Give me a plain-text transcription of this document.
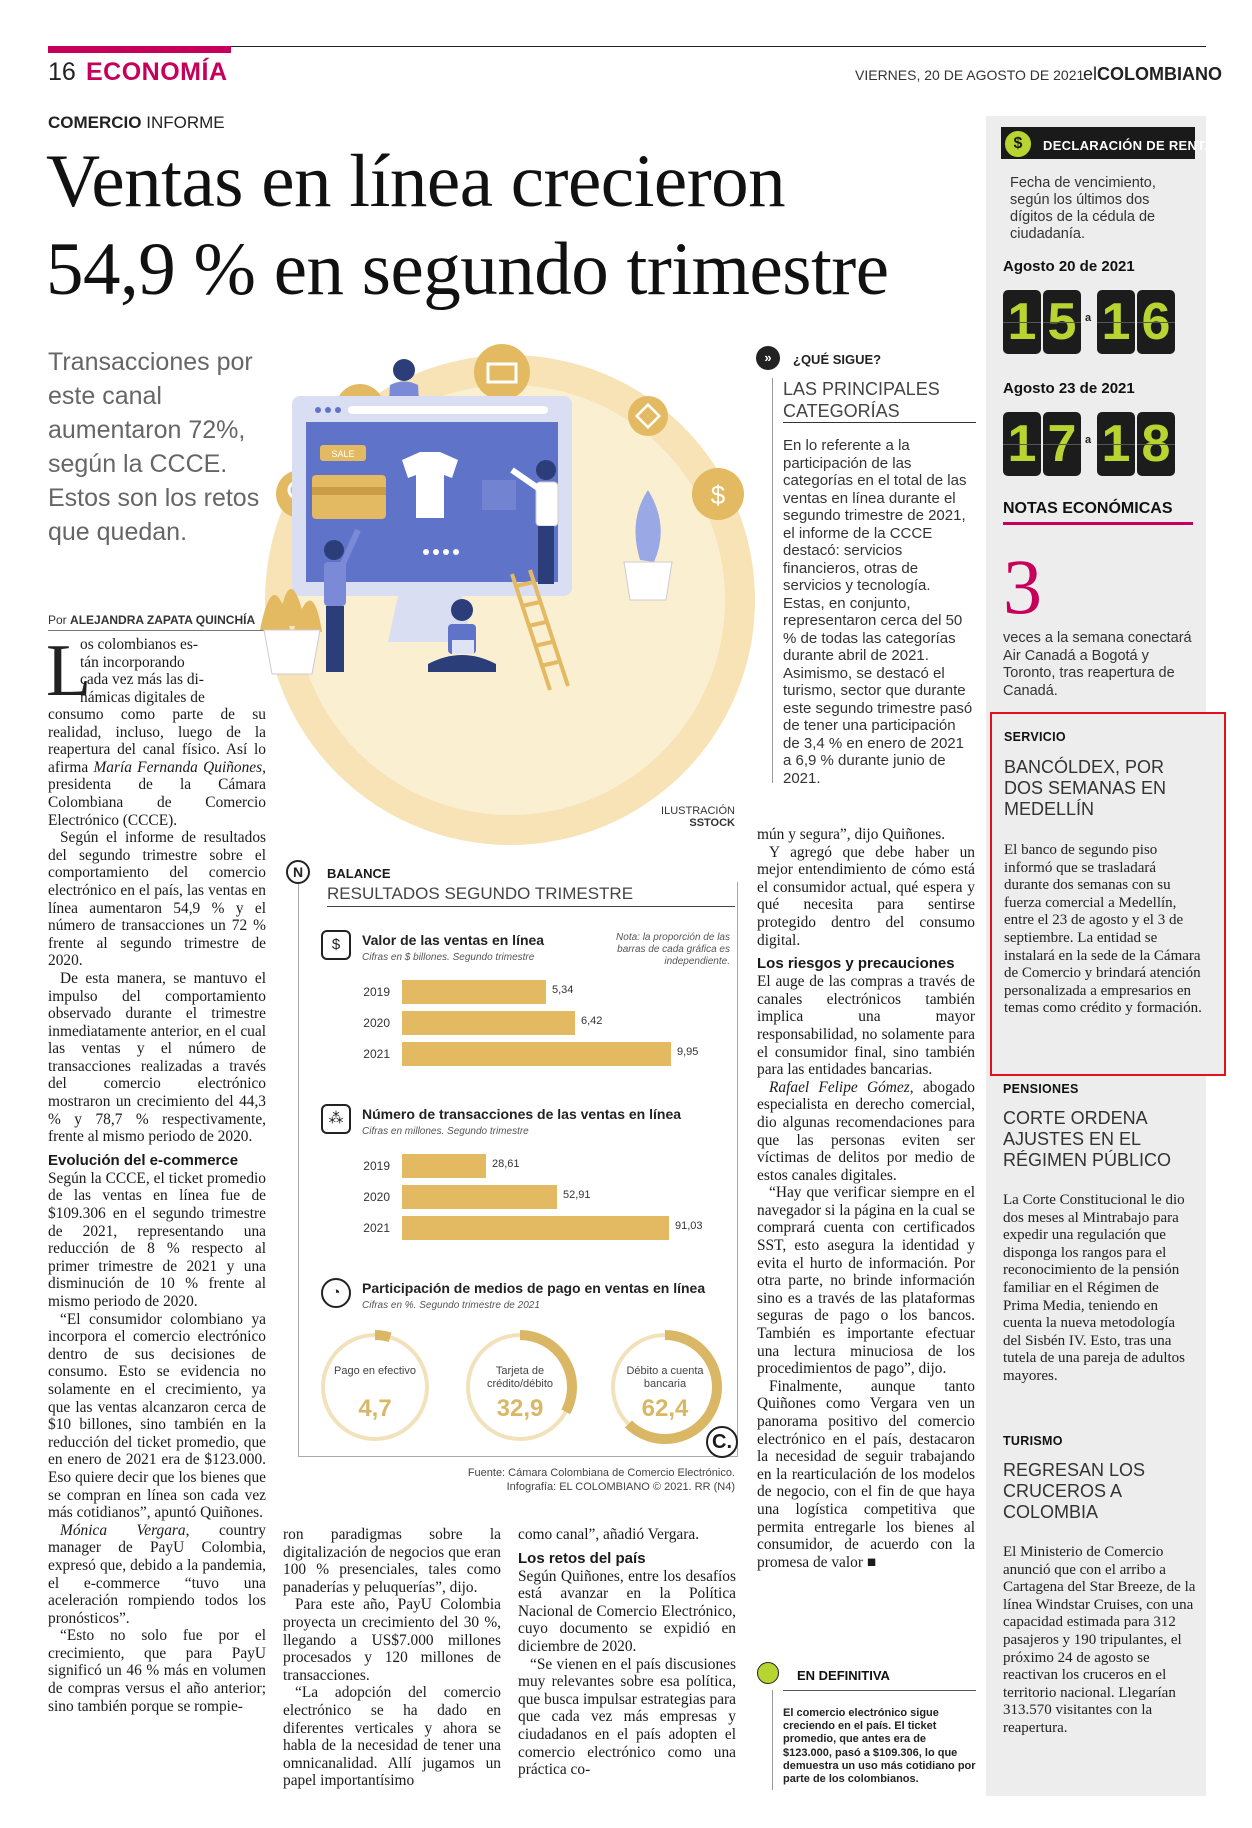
16 ECONOMÍA	VIERNES, 20 DE AGOSTO DE 2021
elCOLOMBIANO
COMERCIO INFORME
Ventas en línea crecieron
54,9 % en segundo trimestre
Transacciones por este canal aumentaron 72%, según la CCCE. Estos son los retos que quedan.
Por ALEJANDRA ZAPATA QUINCHÍA
$
SALE
ILUSTRACIÓN
SSTOCK
L
os colombianos es-
tán incorporando
cada vez más las di-
námicas digitales de

consumo como parte de su realidad, incluso, luego de la reapertura del canal físico. Así lo afirma María Fernanda Quiñones, presidenta de la Cámara Colombiana de Comercio Electrónico (CCCE).

Según el informe de resultados del segundo trimestre sobre el comportamiento del comercio electrónico en el país, las ventas en línea aumentaron 54,9 % y el número de transacciones un 72 % frente al segundo trimestre de 2020.

De esta manera, se mantuvo el impulso del comportamiento observado durante el trimestre inmediatamente anterior, en el cual las ventas y el número de transacciones realizadas a través del comercio electrónico mostraron un crecimiento del 44,3 % y 78,7 % respectivamente, frente al mismo periodo de 2020.

Evolución del e-commerce

Según la CCCE, el ticket promedio de las ventas en línea fue de $109.306 en el segundo trimestre de 2021, representando una reducción de 8 % respecto al primer trimestre de 2021 y una disminución de 10 % frente al mismo periodo de 2020.

“El consumidor colombiano ya incorpora el comercio electrónico dentro de sus decisiones de consumo. Esto se evidencia no solamente en el crecimiento, ya que las ventas alcanzaron cerca de $10 billones, sino también en la reducción del ticket promedio, que en enero de 2021 era de $123.000. Eso quiere decir que los bienes que se compran en línea son cada vez más cotidianos”, apuntó Quiñones.

Mónica Vergara, country manager de PayU Colombia, expresó que, debido a la pandemia, el e-commerce “tuvo una aceleración rompiendo todos los pronósticos”.

“Esto no solo fue por el crecimiento, que para PayU significó un 46 % más en volumen de compras versus el año anterior; sino también porque se rompie-

ron paradigmas sobre la digitalización de negocios que eran 100 % presenciales, tales como panaderías y peluquerías”, dijo.

Para este año, PayU Colombia proyecta un crecimiento del 30 %, llegando a US$7.000 millones procesados y 120 millones de transacciones.

“La adopción del comercio electrónico se ha dado en diferentes verticales y ahora se habla de la necesidad de tener una omnicanalidad. Allí jugamos un papel importantísimo

como canal”, añadió Vergara.

Los retos del país

Según Quiñones, entre los desafíos está avanzar en la Política Nacional de Comercio Electrónico, cuyo documento se expidió en diciembre de 2020.

“Se vienen en el país discusiones muy relevantes sobre esa política, que busca impulsar estrategias para que cada vez más empresas y ciudadanos en el país adopten el comercio electrónico como una práctica co-

mún y segura”, dijo Quiñones.

Y agregó que debe haber un mejor entendimiento de cómo está el consumidor actual, qué espera y qué necesita para sentirse protegido dentro del consumo digital.

Los riesgos y precauciones

El auge de las compras a través de canales electrónicos también implica una mayor responsabilidad, no solamente para el consumidor final, sino también para las entidades bancarias.

Rafael Felipe Gómez, abogado especialista en derecho comercial, dio algunas recomendaciones para que las personas eviten ser víctimas de delitos por medio de estos canales digitales.

“Hay que verificar siempre en el navegador si la página en la cual se comprará cuenta con certificados SST, esto asegura la identidad y evita el hurto de información. Por otra parte, no brinde información sino es a través de las plataformas seguras de pago o los bancos. También es importante efectuar una lectura minuciosa de los procedimientos de pago”, dijo.

Finalmente, aunque tanto Quiñones como Vergara ven un panorama positivo del comercio electrónico en el país, destacaron la necesidad de seguir trabajando en la rearticulación de los modelos de negocio, con el fin de que haya una logística competitiva que permita entregarle los bienes al consumidor, de acuerdo con la promesa de valor ■

»	¿QUÉ SIGUE?
LAS PRINCIPALES CATEGORÍAS
En lo referente a la participación de las categorías en el total de las ventas en línea durante el segundo trimestre de 2021, el informe de la CCCE destacó: servicios financieros, otras de servicios y tecnología. Estas, en conjunto, representaron cerca del 50 % de todas las categorías durante abril de 2021. Asimismo, se destacó el turismo, sector que durante este segundo trimestre pasó de tener una participación de 3,4 % en enero de 2021 a 6,9 % durante junio de 2021.
N	BALANCE
RESULTADOS SEGUNDO TRIMESTRE
$	Valor de las ventas en línea
Cifras en $ billones. Segundo trimestre
Nota: la proporción de las barras de cada gráfica es independiente.
2019	5,34
2020	6,42
2021	9,95
⁂	Número de transacciones de las ventas en línea
Cifras en millones. Segundo trimestre
2019	28,61
2020	52,91
2021	91,03
◔	Participación de medios de pago en ventas en línea
Cifras en %. Segundo trimestre de 2021
Pago en efectivo
4,7
Tarjeta de crédito/débito
32,9
Débito a cuenta bancaria
62,4
C.
Fuente: Cámara Colombiana de Comercio Electrónico.
Infografía: EL COLOMBIANO © 2021. RR (N4)
EN DEFINITIVA
El comercio electrónico sigue creciendo en el país. El ticket promedio, que antes era de $123.000, pasó a $109.306, lo que demuestra un uso más cotidiano por parte de los colombianos.
$	DECLARACIÓN DE RENTA
Fecha de vencimiento, según los últimos dos dígitos de la cédula de ciudadanía.
Agosto 20 de 2021
1 5 a 1 6
Agosto 23 de 2021
1 7 a 1 8
NOTAS ECONÓMICAS
3
veces a la semana conectará Air Canadá a Bogotá y Toronto, tras reapertura de Canadá.
SERVICIO
BANCÓLDEX, POR DOS SEMANAS EN MEDELLÍN
El banco de segundo piso informó que se trasladará durante dos semanas con su fuerza comercial a Medellín, entre el 23 de agosto y el 3 de septiembre. La entidad se instalará en la sede de la Cámara de Comercio y brindará atención personalizada a empresarios en temas como crédito y formación.
PENSIONES
CORTE ORDENA AJUSTES EN EL RÉGIMEN PÚBLICO
La Corte Constitucional le dio dos meses al Mintrabajo para expedir una regulación que disponga los rangos para el reconocimiento de la pensión familiar en el Régimen de Prima Media, teniendo en cuenta la nueva metodología del Sisbén IV. Esto, tras una tutela de una pareja de adultos mayores.
TURISMO
REGRESAN LOS CRUCEROS A COLOMBIA
El Ministerio de Comercio anunció que con el arribo a Cartagena del Star Breeze, de la línea Windstar Cruises, con una capacidad estimada para 312 pasajeros y 190 tripulantes, el próximo 24 de agosto se reactivan los cruceros en el territorio nacional. Llegarían 313.570 visitantes con la reapertura.
